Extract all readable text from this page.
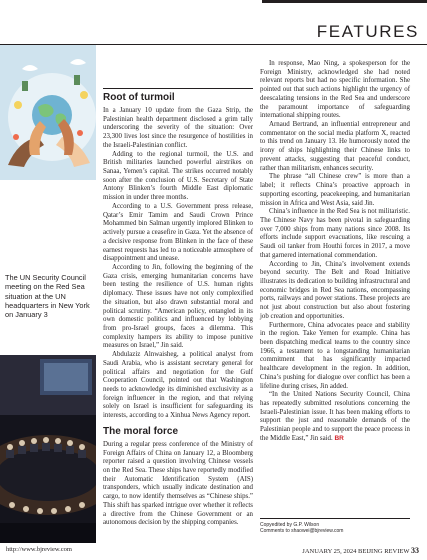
FEATURES
The UN Security Council meeting on the Red Sea situation at the UN headquarters in New York on January 3
Root of turmoil

In a January 10 update from the Gaza Strip, the Palestinian health department disclosed a grim tally underscoring the severity of the situation: Over 23,300 lives lost since the resurgence of hostilities in the Israeli-Palestinian conflict.

Adding to the regional turmoil, the U.S. and British militaries launched powerful airstrikes on Sanaa, Yemen’s capital. The strikes occurred notably soon after the conclusion of U.S. Secretary of State Antony Blinken’s fourth Middle East diplomatic mission in under three months.

According to a U.S. Government press release, Qatar’s Emir Tamim and Saudi Crown Prince Mohammed bin Salman urgently implored Blinken to actively pursue a ceasefire in Gaza. Yet the absence of a decisive response from Blinken in the face of these earnest requests has led to a noticeable atmosphere of disappointment and unease.

According to Jin, following the beginning of the Gaza crisis, emerging humanitarian concerns have been testing the resilience of U.S. human rights diplomacy. These issues have not only complexified the situation, but also drawn substantial moral and political scrutiny. “American policy, entangled in its own domestic politics and influenced by lobbying from pro-Israel groups, faces a dilemma. This complexity hampers its ability to impose punitive measures on Israel,” Jin said.

Abdulaziz Alnwaisheg, a political analyst from Saudi Arabia, who is assistant secretary general for political affairs and negotiation for the Gulf Cooperation Council, pointed out that Washington needs to acknowledge its diminished exclusivity as a foreign influencer in the region, and that relying solely on Israel is insufficient for safeguarding its interests, according to a Xinhua News Agency report.

The moral force

During a regular press conference of the Ministry of Foreign Affairs of China on January 12, a Bloomberg reporter raised a question involving Chinese vessels on the Red Sea. These ships have reportedly modified their Automatic Identification System (AIS) transponders, which usually indicate destination and cargo, to now identify themselves as “Chinese ships.” This shift has sparked intrigue over whether it reflects a directive from the Chinese Government or an autonomous decision by the shipping companies.

In response, Mao Ning, a spokesperson for the Foreign Ministry, acknowledged she had noted relevant reports but had no specific information. She pointed out that such actions highlight the urgency of deescalating tensions in the Red Sea and underscore the paramount importance of safeguarding international shipping routes.

Arnaud Bertrand, an influential entrepreneur and commentator on the social media platform X, reacted to this trend on January 13. He humorously noted the irony of ships highlighting their Chinese links to prevent attacks, suggesting that peaceful conduct, rather than militarism, enhances security.

The phrase “all Chinese crew” is more than a label; it reflects China’s proactive approach in supporting escorting, peacekeeping, and humanitarian mission in Africa and West Asia, said Jin.

China’s influence in the Red Sea is not militaristic. The Chinese Navy has been pivotal in safeguarding over 7,000 ships from many nations since 2008. Its efforts include support evacuations, like rescuing a Saudi oil tanker from Houthi forces in 2017, a move that garnered international commendation.

According to Jin, China’s involvement extends beyond security. The Belt and Road Initiative illustrates its dedication to building infrastructural and economic bridges in Red Sea nations, encompassing ports, railways and power stations. These projects are not just about construction but also about fostering job creation and opportunities.

Furthermore, China advocates peace and stability in the region. Take Yemen for example. China has been dispatching medical teams to the country since 1966, a testament to a longstanding humanitarian commitment that has significantly impacted healthcare development in the region. In addition, China’s pushing for dialogue over conflict has been a lifeline during crises, Jin added.

“In the United Nations Security Council, China has repeatedly submitted resolutions concerning the Israeli-Palestinian issue. It has been making efforts to support the just and reasonable demands of the Palestinian people and to support the peace process in the Middle East,” Jin said. BR

Copyedited by G.P. Wilson
Comments to shaowei@bjreview.com
http://www.bjreview.com	JANUARY 25, 2024 BEIJING REVIEW 33
